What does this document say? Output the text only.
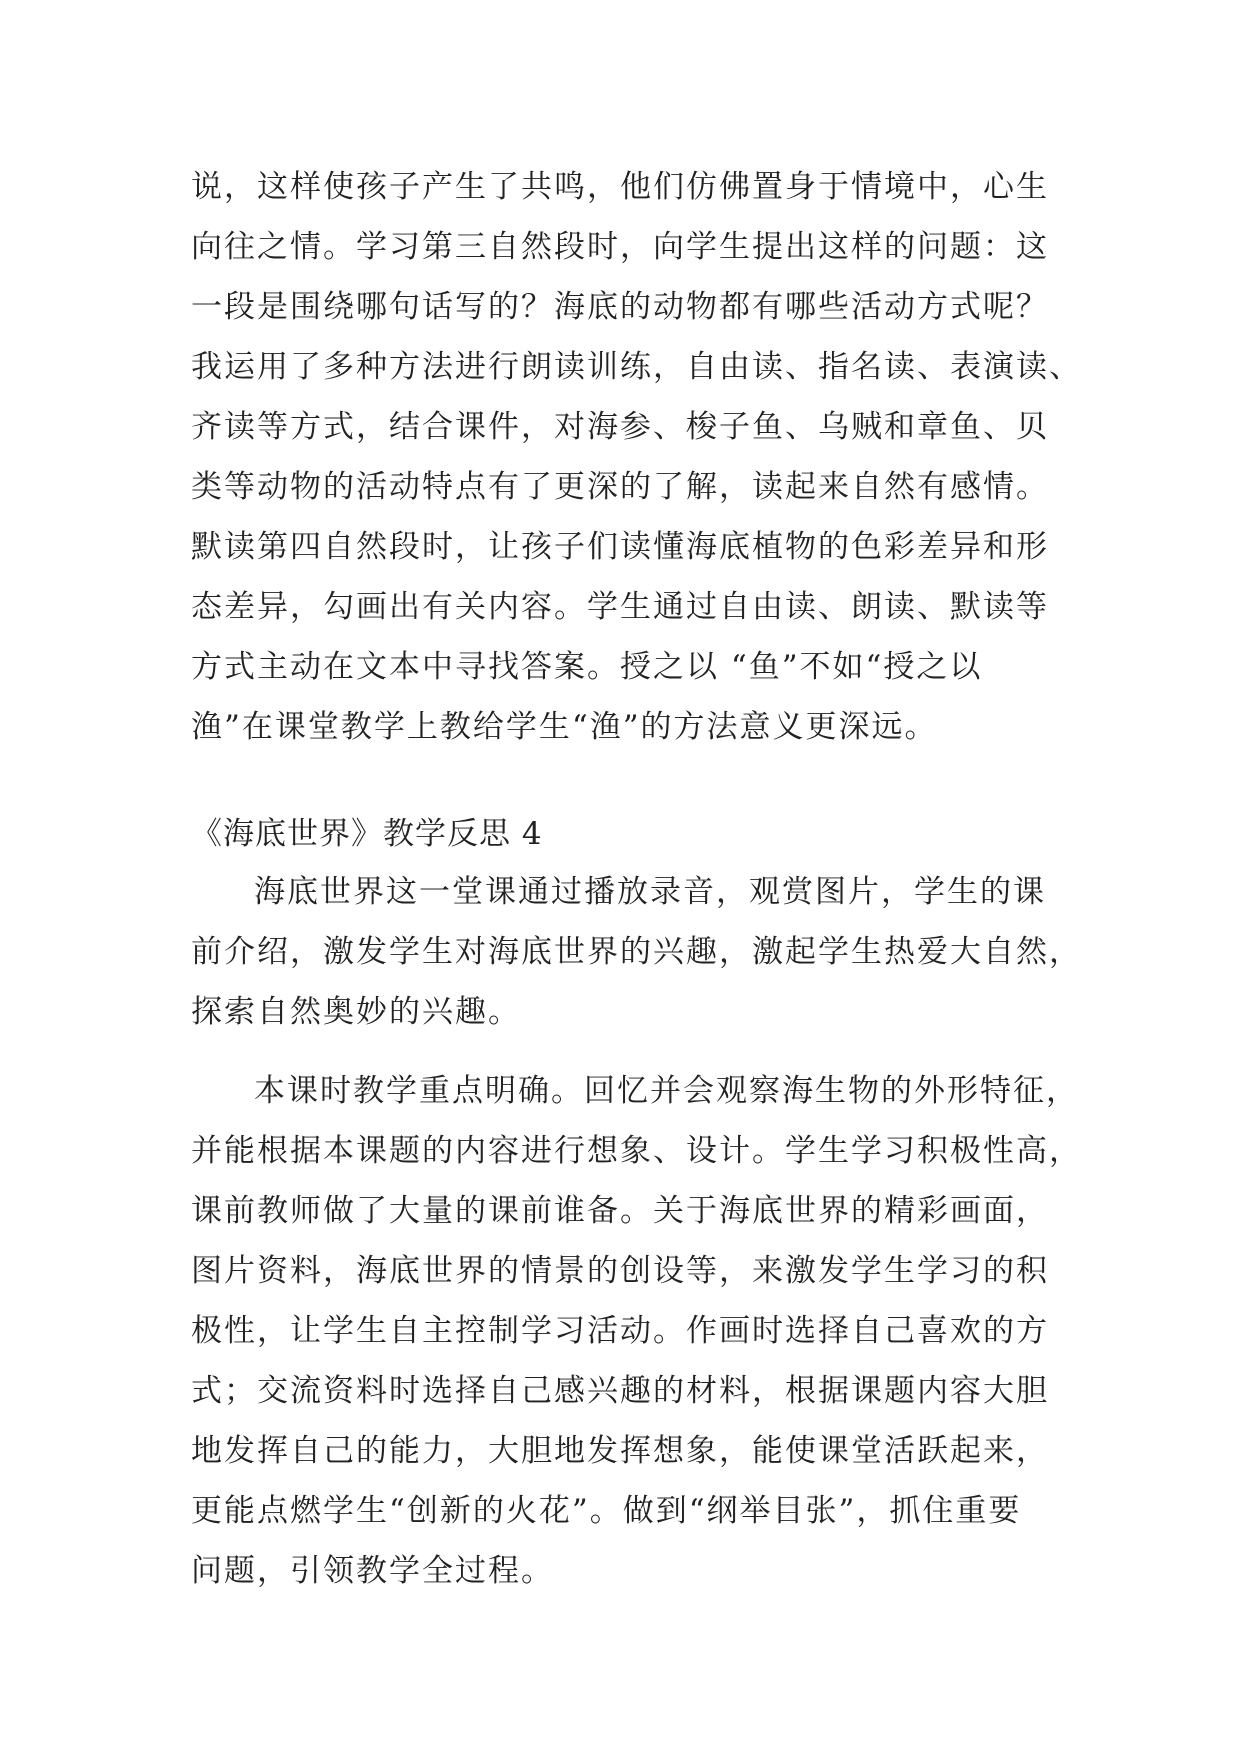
说，这样使孩子产生了共鸣，他们仿佛置身于情境中，心生
向往之情。学习第三自然段时，向学生提出这样的问题：这
一段是围绕哪句话写的？海底的动物都有哪些活动方式呢？
我运用了多种方法进行朗读训练，自由读、指名读、表演读、
齐读等方式，结合课件，对海参、梭子鱼、乌贼和章鱼、贝
类等动物的活动特点有了更深的了解，读起来自然有感情。
默读第四自然段时，让孩子们读懂海底植物的色彩差异和形
态差异，勾画出有关内容。学生通过自由读、朗读、默读等
方式主动在文本中寻找答案。授之以 “鱼”不如“授之以
渔”在课堂教学上教给学生“渔”的方法意义更深远。
《海底世界》教学反思 4
海底世界这一堂课通过播放录音，观赏图片，学生的课
前介绍，激发学生对海底世界的兴趣，激起学生热爱大自然，
探索自然奥妙的兴趣。
本课时教学重点明确。回忆并会观察海生物的外形特征，
并能根据本课题的内容进行想象、设计。学生学习积极性高，
课前教师做了大量的课前谁备。关于海底世界的精彩画面，
图片资料，海底世界的情景的创设等，来激发学生学习的积
极性，让学生自主控制学习活动。作画时选择自己喜欢的方
式；交流资料时选择自己感兴趣的材料，根据课题内容大胆
地发挥自己的能力，大胆地发挥想象，能使课堂活跃起来，
更能点燃学生“创新的火花”。做到“纲举目张”，抓住重要
问题，引领教学全过程。
